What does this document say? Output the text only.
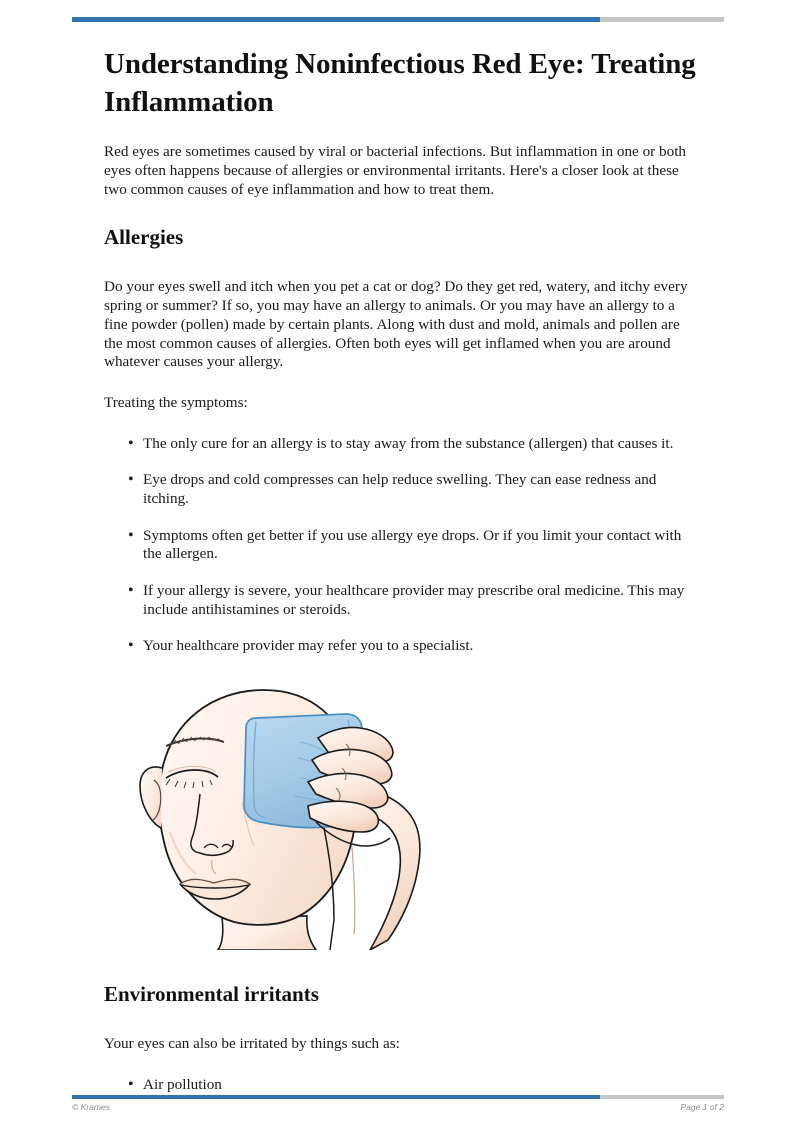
Understanding Noninfectious Red Eye: Treating Inflammation

Red eyes are sometimes caused by viral or bacterial infections. But inflammation in one or both eyes often happens because of allergies or environmental irritants. Here's a closer look at these two common causes of eye inflammation and how to treat them.

Allergies

Do your eyes swell and itch when you pet a cat or dog? Do they get red, watery, and itchy every spring or summer? If so, you may have an allergy to animals. Or you may have an allergy to a fine powder (pollen) made by certain plants. Along with dust and mold, animals and pollen are the most common causes of allergies. Often both eyes will get inflamed when you are around whatever causes your allergy.

Treating the symptoms:

• The only cure for an allergy is to stay away from the substance (allergen) that causes it.
• Eye drops and cold compresses can help reduce swelling. They can ease redness and itching.
• Symptoms often get better if you use allergy eye drops. Or if you limit your contact with the allergen.
• If your allergy is severe, your healthcare provider may prescribe oral medicine. This may include antihistamines or steroids.
• Your healthcare provider may refer you to a specialist.
Environmental irritants

Your eyes can also be irritated by things such as:

• Air pollution
© Krames	Page 1 of 2
